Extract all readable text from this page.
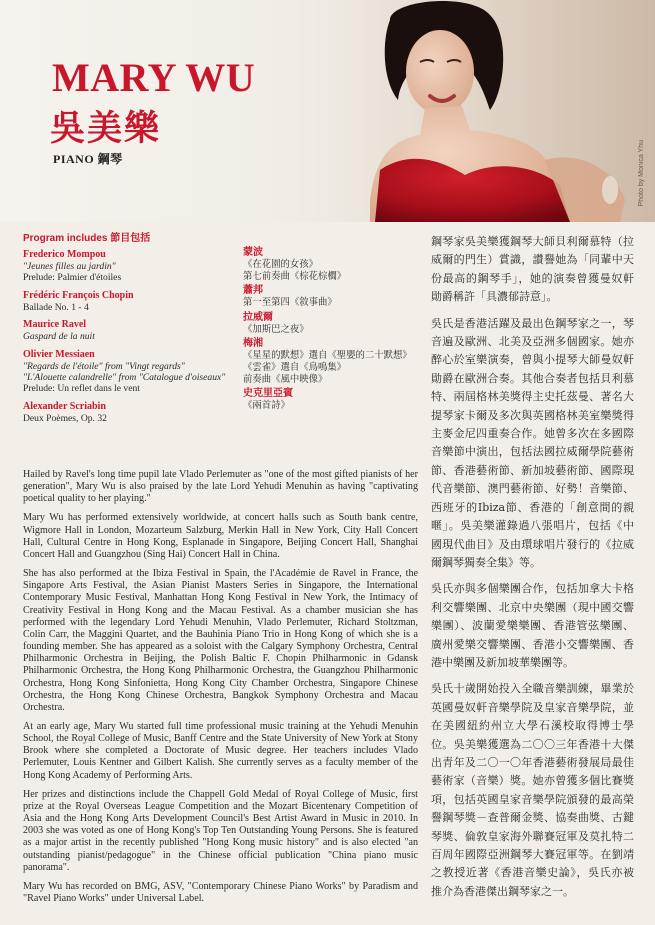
MARY WU
吳美樂
PIANO 鋼琴	Photo by Monica Yhu
Program includes 節目包括
Frederico Mompou
"Jeunes filles au jardin"
Prelude: Palmier d'étoiles
Frédéric François Chopin
Ballade No. 1 - 4
Maurice Ravel
Gaspard de la nuit
Olivier Messiaen
"Regards de l'étoile" from "Vingt regards"
"L'Alouette calandrelle" from "Catalogue d'oiseaux"
Prelude: Un reflet dans le vent
Alexander Scriabin
Deux Poèmes, Op. 32
蒙波
《在花園的女孩》
第七前奏曲《棕花棕櫚》
蕭邦
第一至第四《敘事曲》
拉威爾
《加斯巴之夜》
梅湘
《星星的默想》選自《聖嬰的二十默想》
《雲雀》選自《鳥鳴集》
前奏曲《風中映像》
史克里亞賓
《兩首詩》

Hailed by Ravel's long time pupil late Vlado Perlemuter as "one of the most gifted pianists of her generation", Mary Wu is also praised by the late Lord Yehudi Menuhin as having "captivating poetical quality to her playing."

Mary Wu has performed extensively worldwide, at concert halls such as South bank centre, Wigmore Hall in London, Mozarteum Salzburg, Merkin Hall in New York, City Hall Concert Hall, Cultural Centre in Hong Kong, Esplanade in Singapore, Beijing Concert Hall, Shanghai Concert Hall and Guangzhou (Sing Hai) Concert Hall in China.

She has also performed at the Ibiza Festival in Spain, the l'Académie de Ravel in France, the Singapore Arts Festival, the Asian Pianist Masters Series in Singapore, the International Contemporary Music Festival, Manhattan Hong Kong Festival in New York, the Intimacy of Creativity Festival in Hong Kong and the Macau Festival. As a chamber musician she has performed with the legendary Lord Yehudi Menuhin, Vlado Perlemuter, Richard Stoltzman, Colin Carr, the Maggini Quartet, and the Bauhinia Piano Trio in Hong Kong of which she is a founding member. She has appeared as a soloist with the Calgary Symphony Orchestra, Central Philharmonic Orchestra in Beijing, the Polish Baltic F. Chopin Philharmonic in Gdansk Philharmonic Orchestra, the Hong Kong Philharmonic Orchestra, the Guangzhou Philharmonic Orchestra, Hong Kong Sinfonietta, Hong Kong City Chamber Orchestra, Singapore Chinese Orchestra, the Hong Kong Chinese Orchestra, Bangkok Symphony Orchestra and Macau Orchestra.

At an early age, Mary Wu started full time professional music training at the Yehudi Menuhin School, the Royal College of Music, Banff Centre and the State University of New York at Stony Brook where she completed a Doctorate of Music degree. Her teachers includes Vlado Perlemuter, Louis Kentner and Gilbert Kalish. She currently serves as a faculty member of the Hong Kong Academy of Performing Arts.

Her prizes and distinctions include the Chappell Gold Medal of Royal College of Music, first prize at the Royal Overseas League Competition and the Mozart Bicentenary Competition of Asia and the Hong Kong Arts Development Council's Best Artist Award in Music in 2010. In 2003 she was voted as one of Hong Kong's Top Ten Outstanding Young Persons. She is featured as a major artist in the recently published "Hong Kong music history" and is also elected "an outstanding pianist/pedagogue" in the Chinese official publication "China piano music panorama".

Mary Wu has recorded on BMG, ASV, "Contemporary Chinese Piano Works" by Paradism and "Ravel Piano Works" under Universal Label.

鋼琴家吳美樂獲鋼琴大師貝利爾慕特（拉威爾的門生）賞識，讚譽她為「同輩中天份最高的鋼琴手」，她的演奏曾獲曼奴軒勛爵稱許「具濃郁詩意」。

吳氏是香港活躍及最出色鋼琴家之一，琴音遍及歐洲、北美及亞洲多個國家。她亦醉心於室樂演奏，曾與小提琴大師曼奴軒勛爵在歐洲合奏。其他合奏者包括貝利慕特、兩屆格林美獎得主史托茲曼、著名大提琴家卡爾及多次與英國格林美室樂獎得主麥金尼四重奏合作。她曾多次在多國際音樂節中演出，包括法國拉威爾學院藝術節、香港藝術節、新加坡藝術節、國際現代音樂節、澳門藝術節、好勢！音樂節、西班牙的Ibiza節、香港的「創意間的親暱」。吳美樂灌錄過八張唱片，包括《中國現代曲目》及由環球唱片發行的《拉威爾鋼琴獨奏全集》等。

吳氏亦與多個樂團合作，包括加拿大卡格利交響樂團、北京中央樂團（現中國交響樂團）、波蘭愛樂樂團、香港管弦樂團、廣州愛樂交響樂團、香港小交響樂團、香港中樂團及新加坡華樂團等。

吳氏十歲開始投入全職音樂訓練，畢業於英國曼奴軒音樂學院及皇家音樂學院，並在美國紐約州立大學石溪校取得博士學位。吳美樂獲選為二〇〇三年香港十大傑出青年及二〇一〇年香港藝術發展局最佳藝術家（音樂）獎。她亦曾獲多個比賽獎項，包括英國皇家音樂學院頒發的最高榮譽鋼琴獎－查普爾金獎、協奏曲獎、古鍵琴獎、倫敦皇家海外聯賽冠軍及莫扎特二百周年國際亞洲鋼琴大賽冠軍等。在劉靖之教授近著《香港音樂史論》，吳氏亦被推介為香港傑出鋼琴家之一。
